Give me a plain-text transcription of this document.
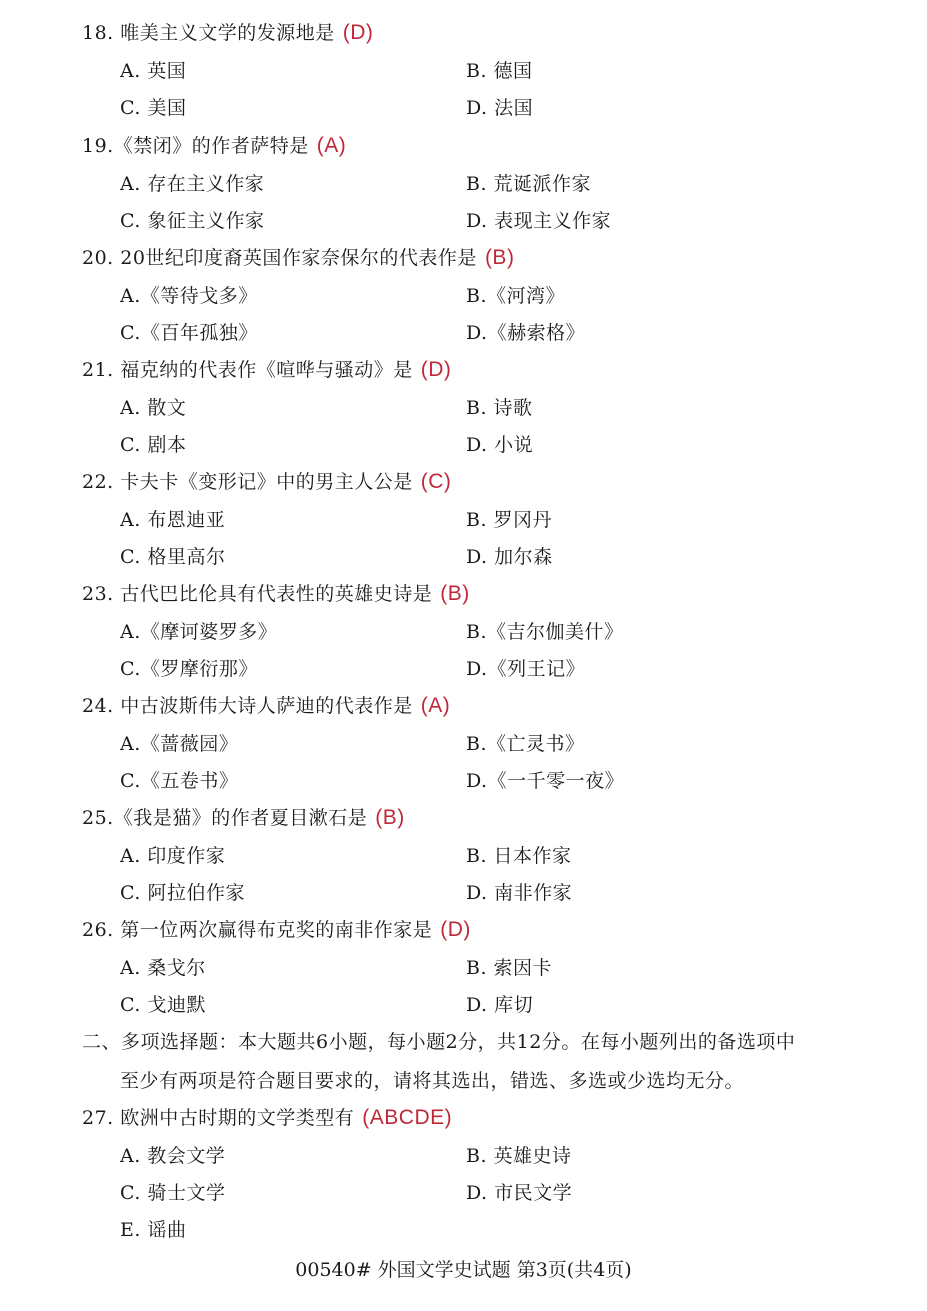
18. 唯美主义文学的发源地是 (D)
A. 英国	B. 德国
C. 美国	D. 法国
19.《禁闭》的作者萨特是 (A)
A. 存在主义作家	B. 荒诞派作家
C. 象征主义作家	D. 表现主义作家
20. 20世纪印度裔英国作家奈保尔的代表作是 (B)
A.《等待戈多》	B.《河湾》
C.《百年孤独》	D.《赫索格》
21. 福克纳的代表作《喧哗与骚动》是 (D)
A. 散文	B. 诗歌
C. 剧本	D. 小说
22. 卡夫卡《变形记》中的男主人公是 (C)
A. 布恩迪亚	B. 罗冈丹
C. 格里高尔	D. 加尔森
23. 古代巴比伦具有代表性的英雄史诗是 (B)
A.《摩诃婆罗多》	B.《吉尔伽美什》
C.《罗摩衍那》	D.《列王记》
24. 中古波斯伟大诗人萨迪的代表作是 (A)
A.《蔷薇园》	B.《亡灵书》
C.《五卷书》	D.《一千零一夜》
25.《我是猫》的作者夏目漱石是 (B)
A. 印度作家	B. 日本作家
C. 阿拉伯作家	D. 南非作家
26. 第一位两次赢得布克奖的南非作家是 (D)
A. 桑戈尔	B. 索因卡
C. 戈迪默	D. 库切
二、多项选择题：本大题共6小题，每小题2分，共12分。在每小题列出的备选项中
至少有两项是符合题目要求的，请将其选出，错选、多选或少选均无分。
27. 欧洲中古时期的文学类型有 (ABCDE)
A. 教会文学	B. 英雄史诗
C. 骑士文学	D. 市民文学
E. 谣曲
00540# 外国文学史试题 第3页(共4页)
